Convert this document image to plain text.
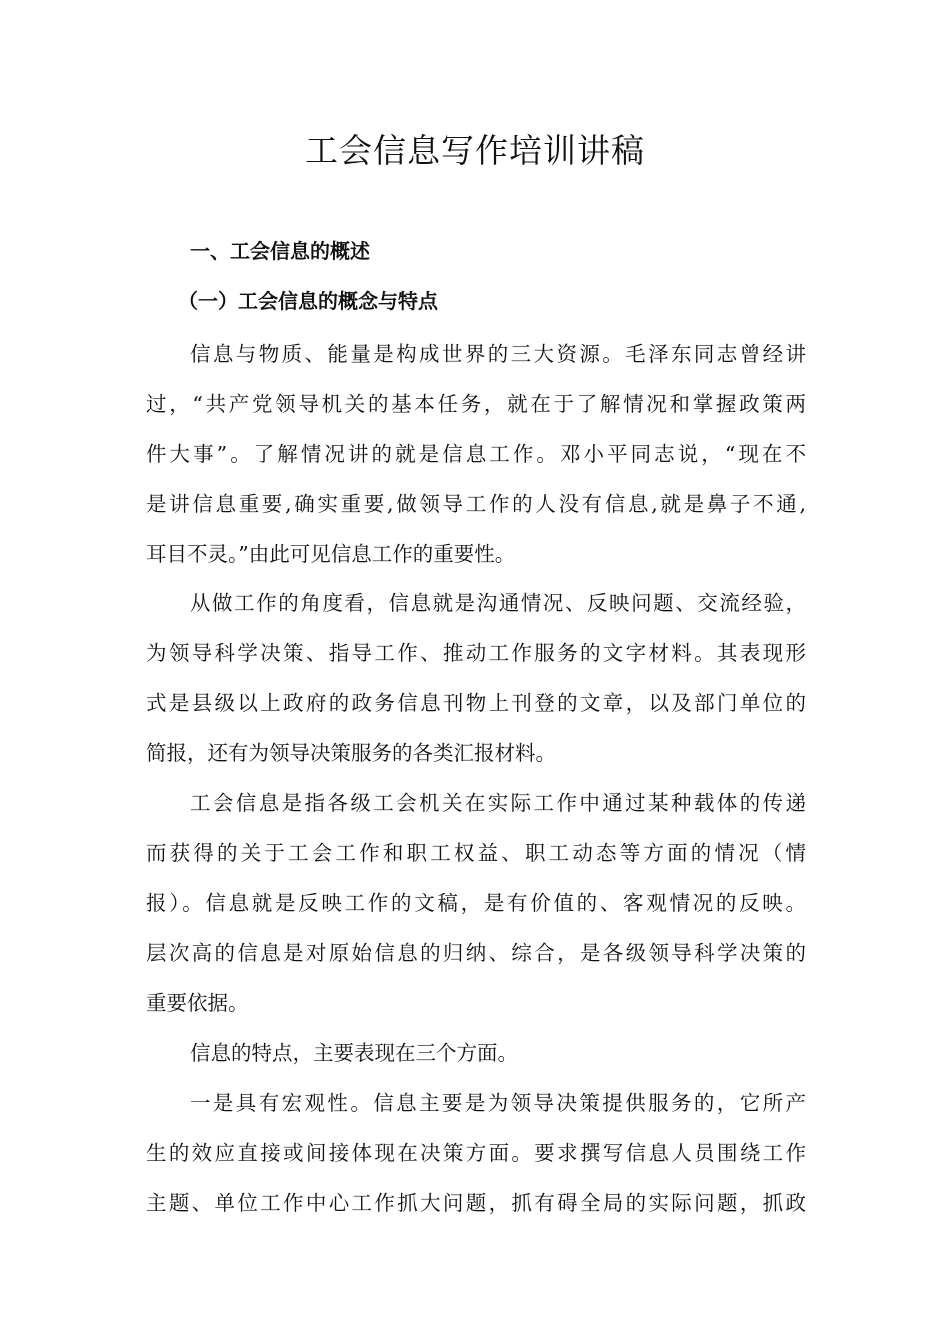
工会信息写作培训讲稿
一、工会信息的概述
（一）工会信息的概念与特点
信息与物质、能量是构成世界的三大资源。毛泽东同志曾经讲
过，“共产党领导机关的基本任务，就在于了解情况和掌握政策两
件大事”。了解情况讲的就是信息工作。邓小平同志说，“现在不
是讲信息重要,确实重要,做领导工作的人没有信息,就是鼻子不通,
耳目不灵。”由此可见信息工作的重要性。
从做工作的角度看，信息就是沟通情况、反映问题、交流经验，
为领导科学决策、指导工作、推动工作服务的文字材料。其表现形
式是县级以上政府的政务信息刊物上刊登的文章，以及部门单位的
简报，还有为领导决策服务的各类汇报材料。
工会信息是指各级工会机关在实际工作中通过某种载体的传递
而获得的关于工会工作和职工权益、职工动态等方面的情况（情
报）。信息就是反映工作的文稿，是有价值的、客观情况的反映。
层次高的信息是对原始信息的归纳、综合，是各级领导科学决策的
重要依据。
信息的特点，主要表现在三个方面。
一是具有宏观性。信息主要是为领导决策提供服务的，它所产
生的效应直接或间接体现在决策方面。要求撰写信息人员围绕工作
主题、单位工作中心工作抓大问题，抓有碍全局的实际问题，抓政
